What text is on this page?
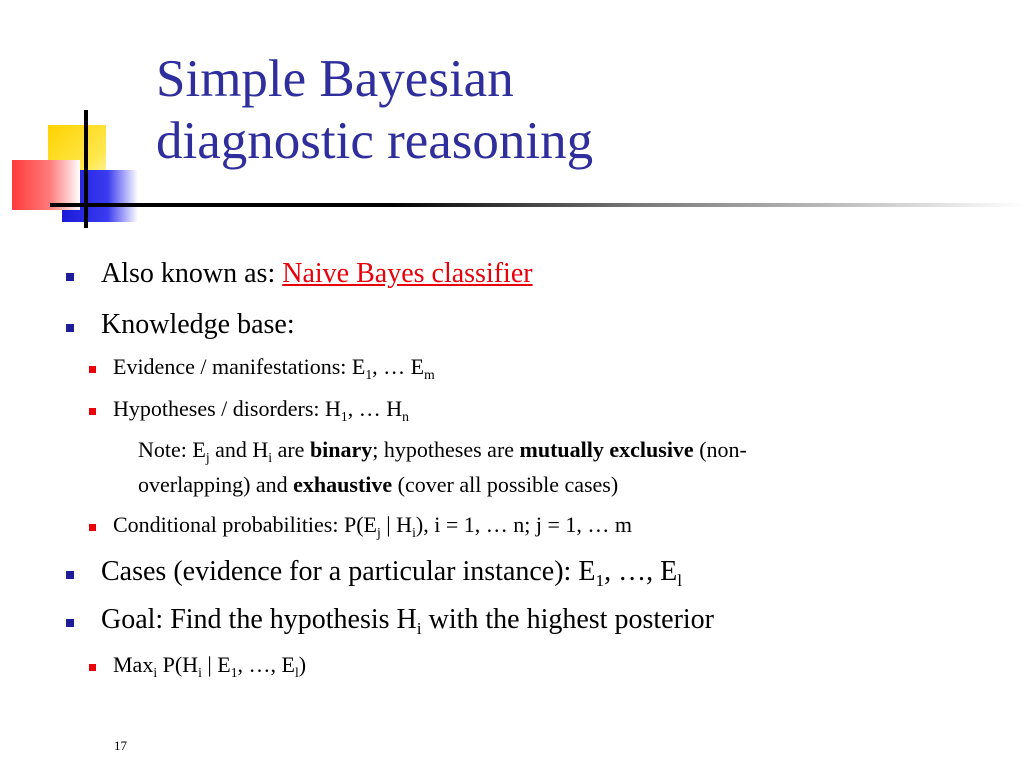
Simple Bayesian
diagnostic reasoning
Also known as: Naive Bayes classifier
Knowledge base:
Evidence / manifestations: $E_1$, … $E_m$
Hypotheses / disorders: $H_1$, … $H_n$
Note: $E_j$ and $H_i$ are binary; hypotheses are mutually exclusive (non-
overlapping) and exhaustive (cover all possible cases)
Conditional probabilities: $P(E_j$ | $H_i$), i = 1, … n; j = 1, … m
Cases (evidence for a particular instance): $E_1$, …, $E_l$
Goal: Find the hypothesis $H_i$ with the highest posterior
Max$_i$ $P(H_i$ | $E_1$, …, $E_l$)
17
